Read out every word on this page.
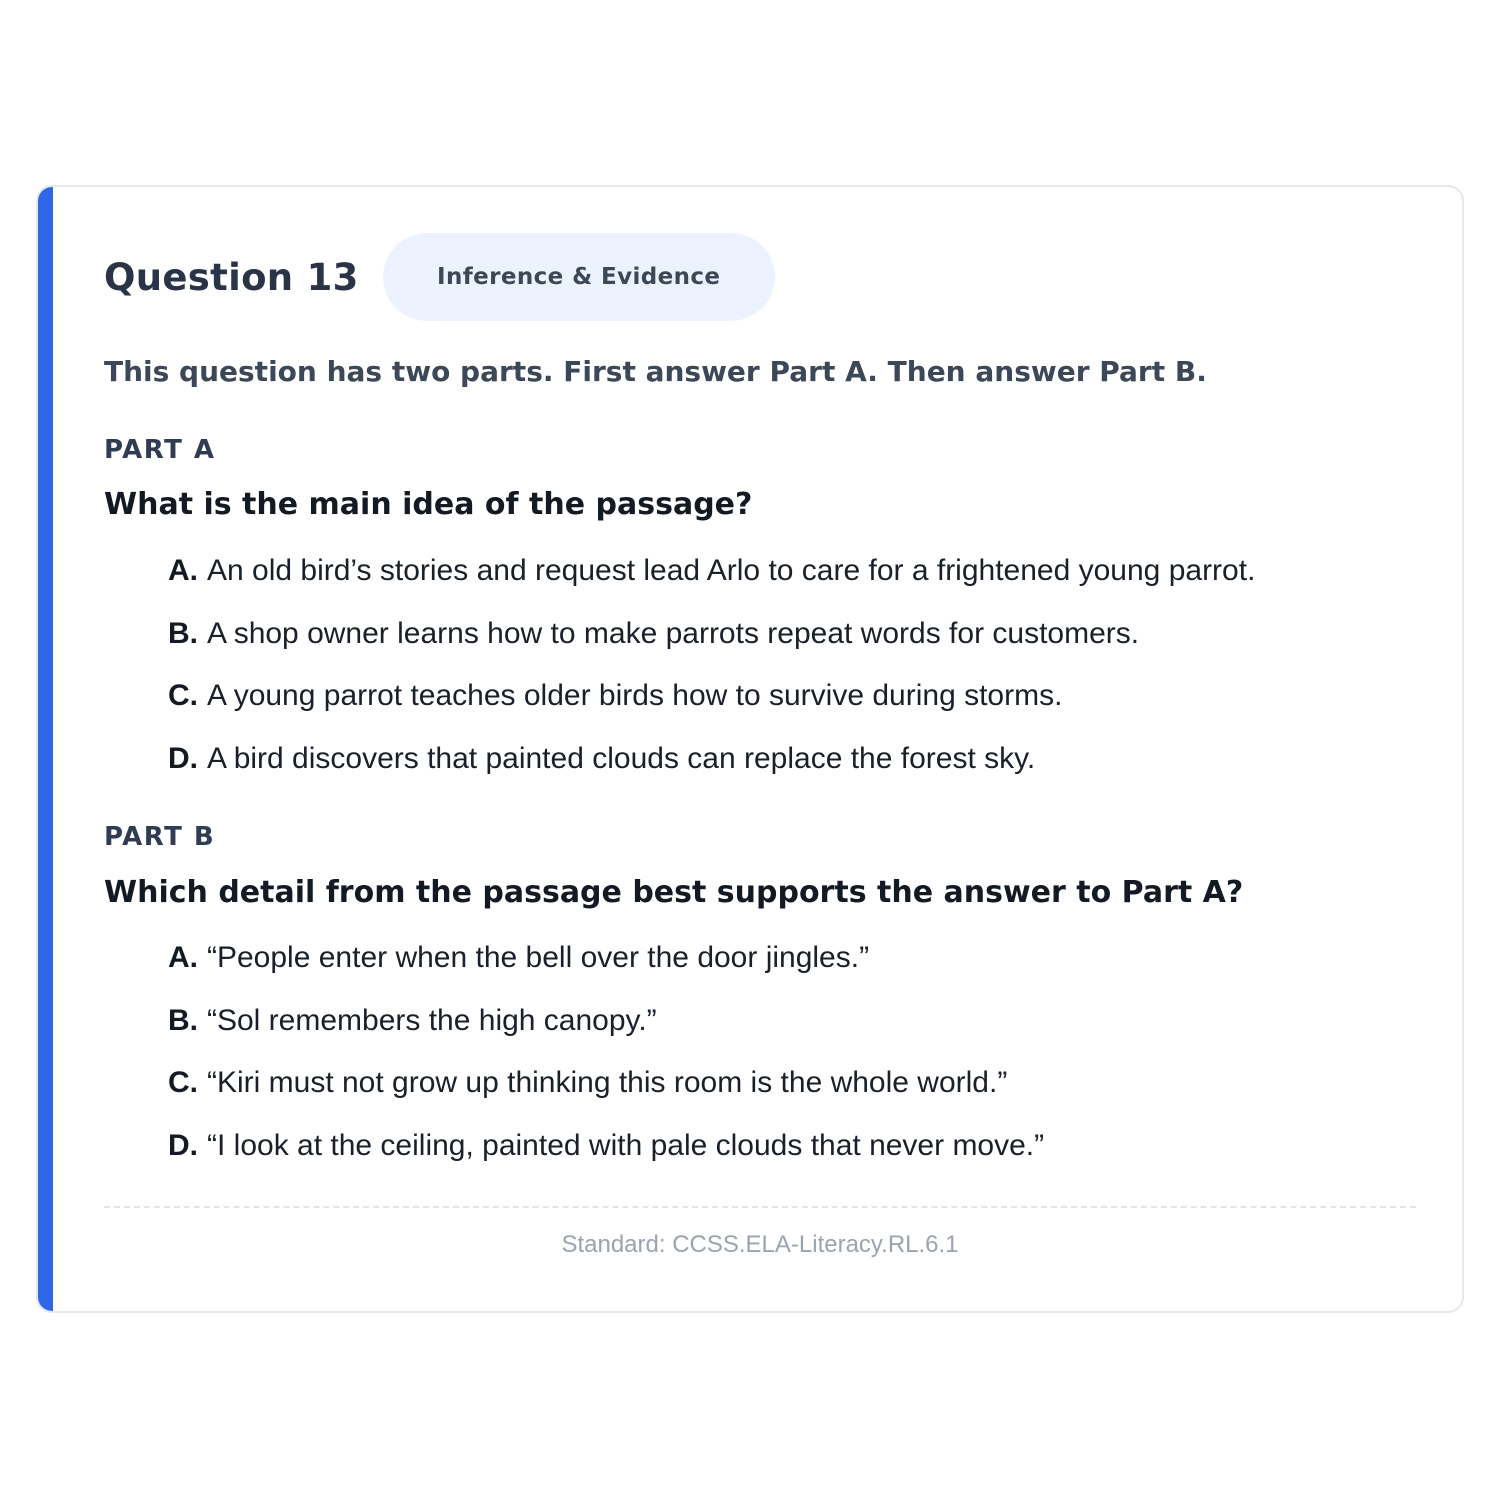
Question 13	Inference & Evidence
This question has two parts. First answer Part A. Then answer Part B.
PART A
What is the main idea of the passage?
A. An old bird’s stories and request lead Arlo to care for a frightened young parrot.
B. A shop owner learns how to make parrots repeat words for customers.
C. A young parrot teaches older birds how to survive during storms.
D. A bird discovers that painted clouds can replace the forest sky.
PART B
Which detail from the passage best supports the answer to Part A?
A. “People enter when the bell over the door jingles.”
B. “Sol remembers the high canopy.”
C. “Kiri must not grow up thinking this room is the whole world.”
D. “I look at the ceiling, painted with pale clouds that never move.”
Standard: CCSS.ELA-Literacy.RL.6.1
